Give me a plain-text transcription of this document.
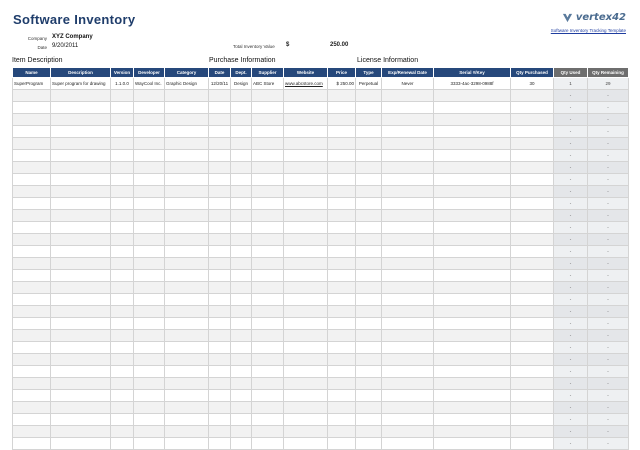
Software Inventory	vertex42
Software Inventory Tracking Template
Company XYZ Company
Date 9/20/2011	Total Inventory Value $	250.00
Item Description	Purchase Information	License Information
Name	Description	Version	Developer	Category	Date	Dept.	Supplier	Website	Price	Type	Exp/Renewal Date	Serial #/Key	Qty Purchased	Qty Used	Qty Remaining
SuperProgram	Super program for drawing	1.1.0.0	WayCool Inc.	Graphic Design	12/20/11	Design	ABC Store	www.abcstore.com	$ 250.00	Perpetual	Never	3333-4ac-3298-0988f	30	1	29
														-	-
														-	-
														-	-
														-	-
														-	-
														-	-
														-	-
														-	-
														-	-
														-	-
														-	-
														-	-
														-	-
														-	-
														-	-
														-	-
														-	-
														-	-
														-	-
														-	-
														-	-
														-	-
														-	-
														-	-
														-	-
														-	-
														-	-
														-	-
														-	-
														-	-
